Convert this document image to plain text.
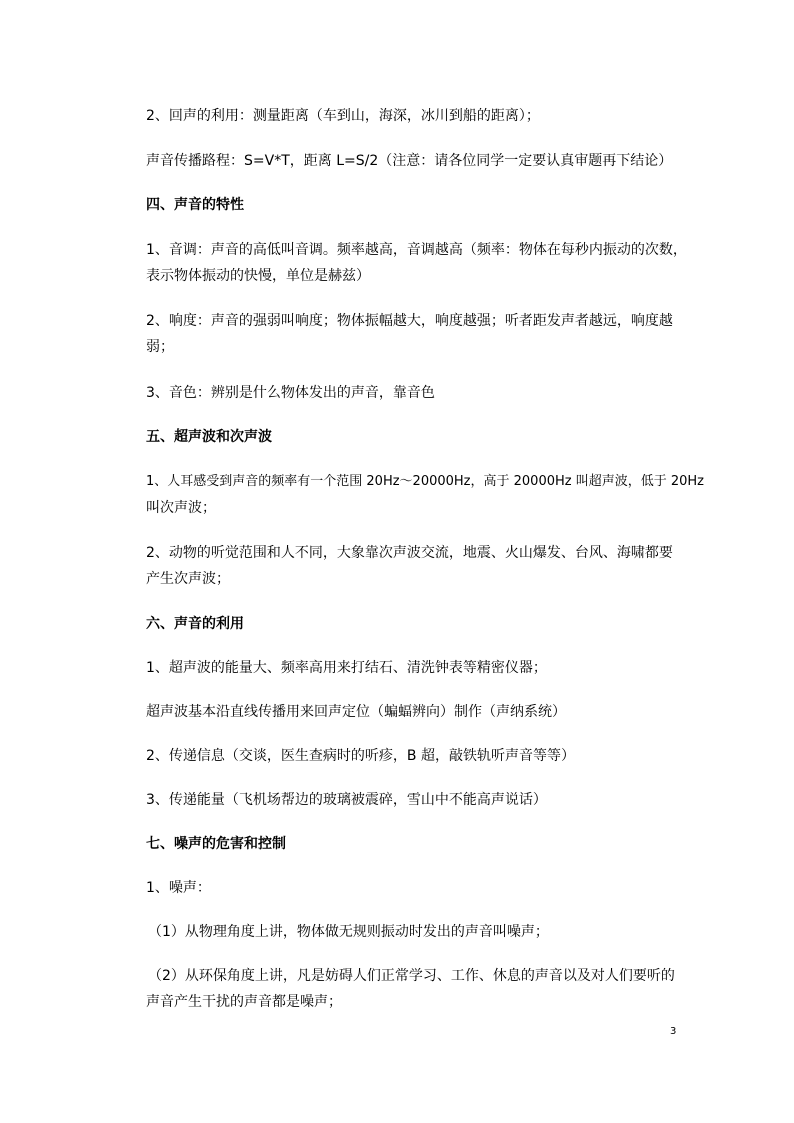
2、回声的利用：测量距离（车到山，海深，冰川到船的距离）；
声音传播路程：S=V*T，距离 L=S/2（注意：请各位同学一定要认真审题再下结论）
四、声音的特性
1、音调：声音的高低叫音调。频率越高，音调越高（频率：物体在每秒内振动的次数，
表示物体振动的快慢，单位是赫兹）
2、响度：声音的强弱叫响度；物体振幅越大，响度越强；听者距发声者越远，响度越
弱；
3、音色：辨别是什么物体发出的声音，靠音色
五、超声波和次声波
1、人耳感受到声音的频率有一个范围 20Hz～20000Hz，高于 20000Hz 叫超声波，低于 20Hz
叫次声波；
2、动物的听觉范围和人不同，大象靠次声波交流，地震、火山爆发、台风、海啸都要
产生次声波；
六、声音的利用
1、超声波的能量大、频率高用来打结石、清洗钟表等精密仪器；
超声波基本沿直线传播用来回声定位（蝙蝠辨向）制作（声纳系统）
2、传递信息（交谈，医生查病时的听疹，B 超，敲铁轨听声音等等）
3、传递能量（飞机场帮边的玻璃被震碎，雪山中不能高声说话）
七、噪声的危害和控制
1、噪声：
（1）从物理角度上讲，物体做无规则振动时发出的声音叫噪声；
（2）从环保角度上讲，凡是妨碍人们正常学习、工作、休息的声音以及对人们要听的
声音产生干扰的声音都是噪声；
3
